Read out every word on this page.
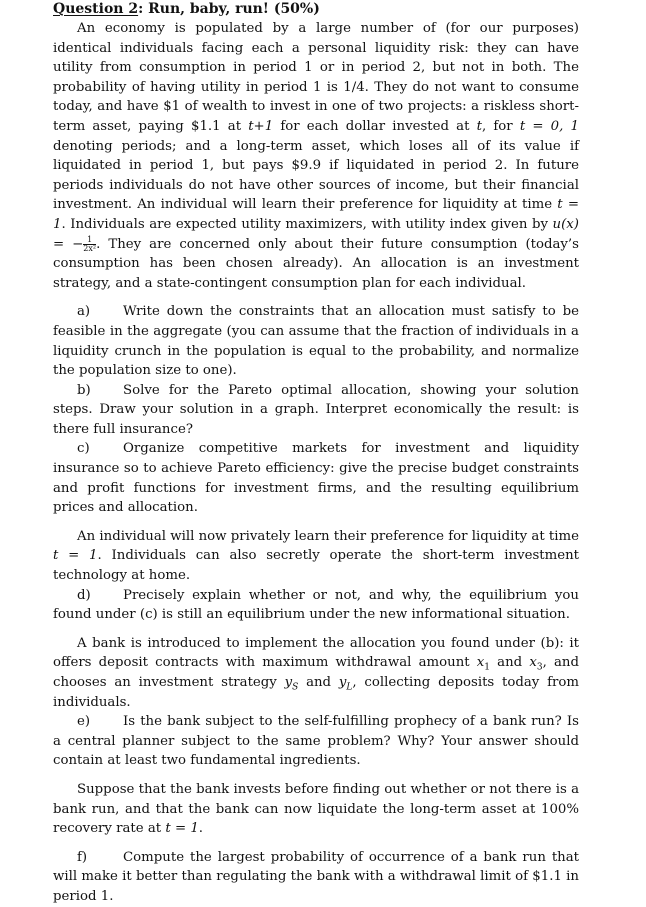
Question 2: Run, baby, run! (50%)

An economy is populated by a large number of (for our purposes) identical individuals facing each a personal liquidity risk: they can have utility from consumption in period 1 or in period 2, but not in both. The probability of having utility in period 1 is 1/4. They do not want to consume today, and have $1 of wealth to invest in one of two projects: a riskless short-term asset, paying $1.1 at t+1 for each dollar invested at t, for t = 0, 1 denoting periods; and a long-term asset, which loses all of its value if liquidated in period 1, but pays $9.9 if liquidated in period 2. In future periods individuals do not have other sources of income, but their financial investment. An individual will learn their preference for liquidity at time t = 1. Individuals are expected utility maximizers, with utility index given by u(x) = − $\frac{1}{\text{2x²}}$ . They are concerned only about their future consumption (today’s consumption has been chosen already). An allocation is an investment strategy, and a state-contingent consumption plan for each individual.

a) Write down the constraints that an allocation must satisfy to be feasible in the aggregate (you can assume that the fraction of individuals in a liquidity crunch in the population is equal to the probability, and normalize the population size to one).
b) Solve for the Pareto optimal allocation, showing your solution steps. Draw your solution in a graph. Interpret economically the result: is there full insurance?
c)	Organize competitive markets for investment and liquidity insurance so to achieve Pareto efficiency: give the precise budget constraints and profit functions for investment firms, and the resulting equilibrium prices and allocation.

An individual will now privately learn their preference for liquidity at time t = 1. Individuals can also secretly operate the short-term investment technology at home.

d) Precisely explain whether or not, and why, the equilibrium you found under (c) is still an equilibrium under the new informational situation.

A bank is introduced to implement the allocation you found under (b): it offers deposit contracts with maximum withdrawal amount $x_1$ and $x_3$, and chooses an investment strategy $y_S$ and $y_L$, collecting deposits today from individuals.

e) Is the bank subject to the self-fulfilling prophecy of a bank run? Is a central planner subject to the same problem? Why? Your answer should contain at least two fundamental ingredients.

Suppose that the bank invests before finding out whether or not there is a bank run, and that the bank can now liquidate the long-term asset at 100% recovery rate at t = 1.

f)	Compute the largest probability of occurrence of a bank run that will make it better than regulating the bank with a withdrawal limit of $1.1 in period 1.
